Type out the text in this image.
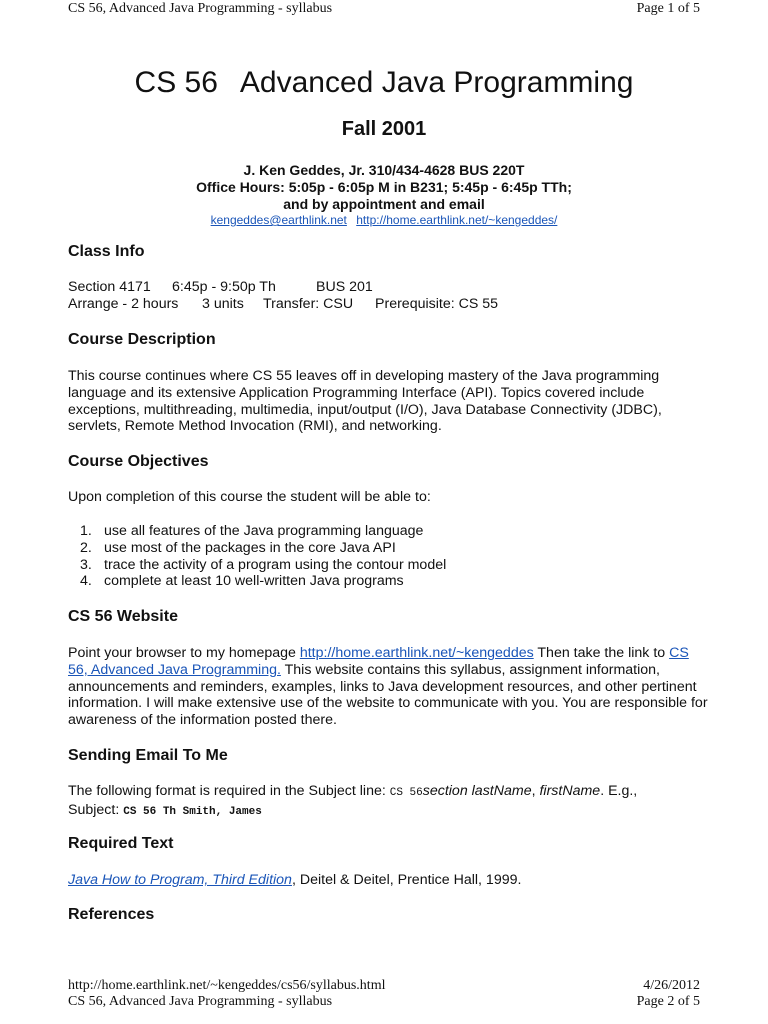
CS 56, Advanced Java Programming - syllabus	Page 1 of 5
CS 56 Advanced Java Programming
Fall 2001
J. Ken Geddes, Jr. 310/434-4628 BUS 220T
Office Hours: 5:05p - 6:05p M in B231; 5:45p - 6:45p TTh;
and by appointment and email
kengeddes@earthlink.net http://home.earthlink.net/~kengeddes/
Class Info
Section 4171 6:45p - 9:50p Th	BUS 201
Arrange - 2 hours 3 units Transfer: CSU Prerequisite: CS 55
Course Description

This course continues where CS 55 leaves off in developing mastery of the Java programming language and its extensive Application Programming Interface (API). Topics covered include exceptions, multithreading, multimedia, input/output (I/O), Java Database Connectivity (JDBC), servlets, Remote Method Invocation (RMI), and networking.

Course Objectives

Upon completion of this course the student will be able to:

1. use all features of the Java programming language
2. use most of the packages in the core Java API
3. trace the activity of a program using the contour model
4. complete at least 10 well-written Java programs
CS 56 Website

Point your browser to my homepage http://home.earthlink.net/~kengeddes Then take the link to CS 56, Advanced Java Programming. This website contains this syllabus, assignment information, announcements and reminders, examples, links to Java development resources, and other pertinent information. I will make extensive use of the website to communicate with you. You are responsible for awareness of the information posted there.

Sending Email To Me

The following format is required in the Subject line: CS 56section lastName, firstName. E.g.,
Subject: CS 56 Th Smith, James

Required Text

Java How to Program, Third Edition, Deitel & Deitel, Prentice Hall, 1999.

References
http://home.earthlink.net/~kengeddes/cs56/syllabus.html	4/26/2012
CS 56, Advanced Java Programming - syllabus	Page 2 of 5
